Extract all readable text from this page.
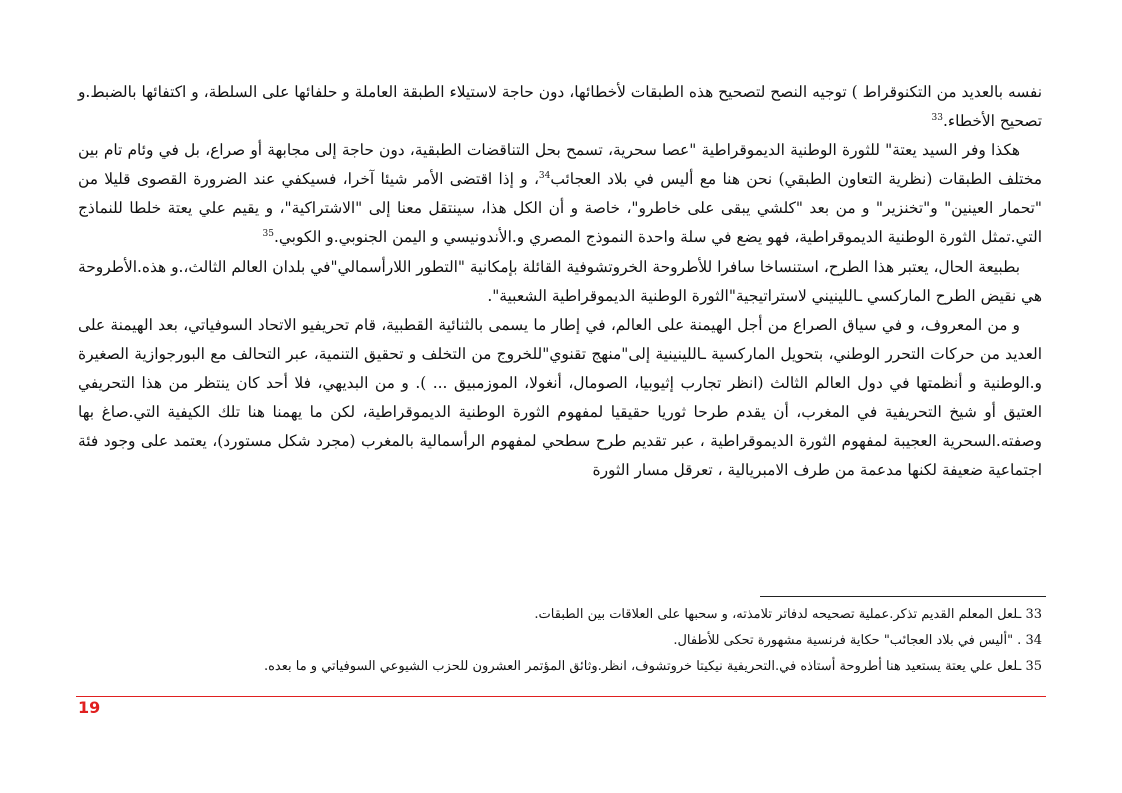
نفسه بالعديد من التكنوقراط ) توجيه النصح لتصحيح هذه الطبقات لأخطائها، دون حاجة لاستيلاء الطبقة العاملة و حلفائها على السلطة، و اكتفائها بالضبط.و تصحيح الأخطاء.$^{33}$

هكذا وفر السيد يعتة" للثورة الوطنية الديموقراطية "عصا سحرية، تسمح بحل التناقضات الطبقية، دون حاجة إلى مجابهة أو صراع، بل في وئام تام بين مختلف الطبقات (نظرية التعاون الطبقي) نحن هنا مع أليس في بلاد العجائب$^{34}$، و إذا اقتضى الأمر شيئا آخرا، فسيكفي عند الضرورة القصوى قليلا من "تحمار العينين" و"تخنزير" و من بعد "كلشي يبقى على خاطرو"، خاصة و أن الكل هذا، سينتقل معنا إلى "الاشتراكية"، و يقيم علي يعتة خلطا للنماذج التي.تمثل الثورة الوطنية الديموقراطية، فهو يضع في سلة واحدة النموذج المصري و.الأندونيسي و اليمن الجنوبي.و الكوبي.$^{35}$

بطبيعة الحال، يعتبر هذا الطرح، استنساخا سافرا للأطروحة الخروتشوفية القائلة بإمكانية "التطور اللارأسمالي"في بلدان العالم الثالث،.و هذه.الأطروحة هي نقيض الطرح الماركسي ـاللينيني لاستراتيجية"الثورة الوطنية الديموقراطية الشعبية".

و من المعروف، و في سياق الصراع من أجل الهيمنة على العالم، في إطار ما يسمى بالثنائية القطبية، قام تحريفيو الاتحاد السوفياتي، بعد الهيمنة على العديد من حركات التحرر الوطني، بتحويل الماركسية ـاللينينية إلى"منهج تقنوي"للخروج من التخلف و تحقيق التنمية، عبر التحالف مع البورجوازية الصغيرة و.الوطنية و أنظمتها في دول العالم الثالث (انظر تجارب إثيوبيا، الصومال، أنغولا، الموزمبيق ... ). و من البديهي، فلا أحد كان ينتظر من هذا التحريفي العتيق أو شيخ التحريفية في المغرب، أن يقدم طرحا ثوريا حقيقيا لمفهوم الثورة الوطنية الديموقراطية، لكن ما يهمنا هنا تلك الكيفية التي.صاغ بها وصفته.السحرية العجيبة لمفهوم الثورة الديموقراطية ، عبر تقديم طرح سطحي لمفهوم الرأسمالية بالمغرب (مجرد شكل مستورد)، يعتمد على وجود فئة اجتماعية ضعيفة لكنها مدعمة من طرف الامبريالية ، تعرقل مسار الثورة

33 ـلعل المعلم القديم تذكر.عملية تصحيحه لدفاتر تلامذته، و سحبها على العلاقات بين الطبقات.

34 . "أليس في بلاد العجائب" حكاية فرنسية مشهورة تحكى للأطفال.

35 ـلعل علي يعتة يستعيد هنا أطروحة أستاذه في.التحريفية نيكيتا خروتشوف، انظر.وثائق المؤتمر العشرون للحزب الشيوعي السوفياتي و ما بعده.

19
